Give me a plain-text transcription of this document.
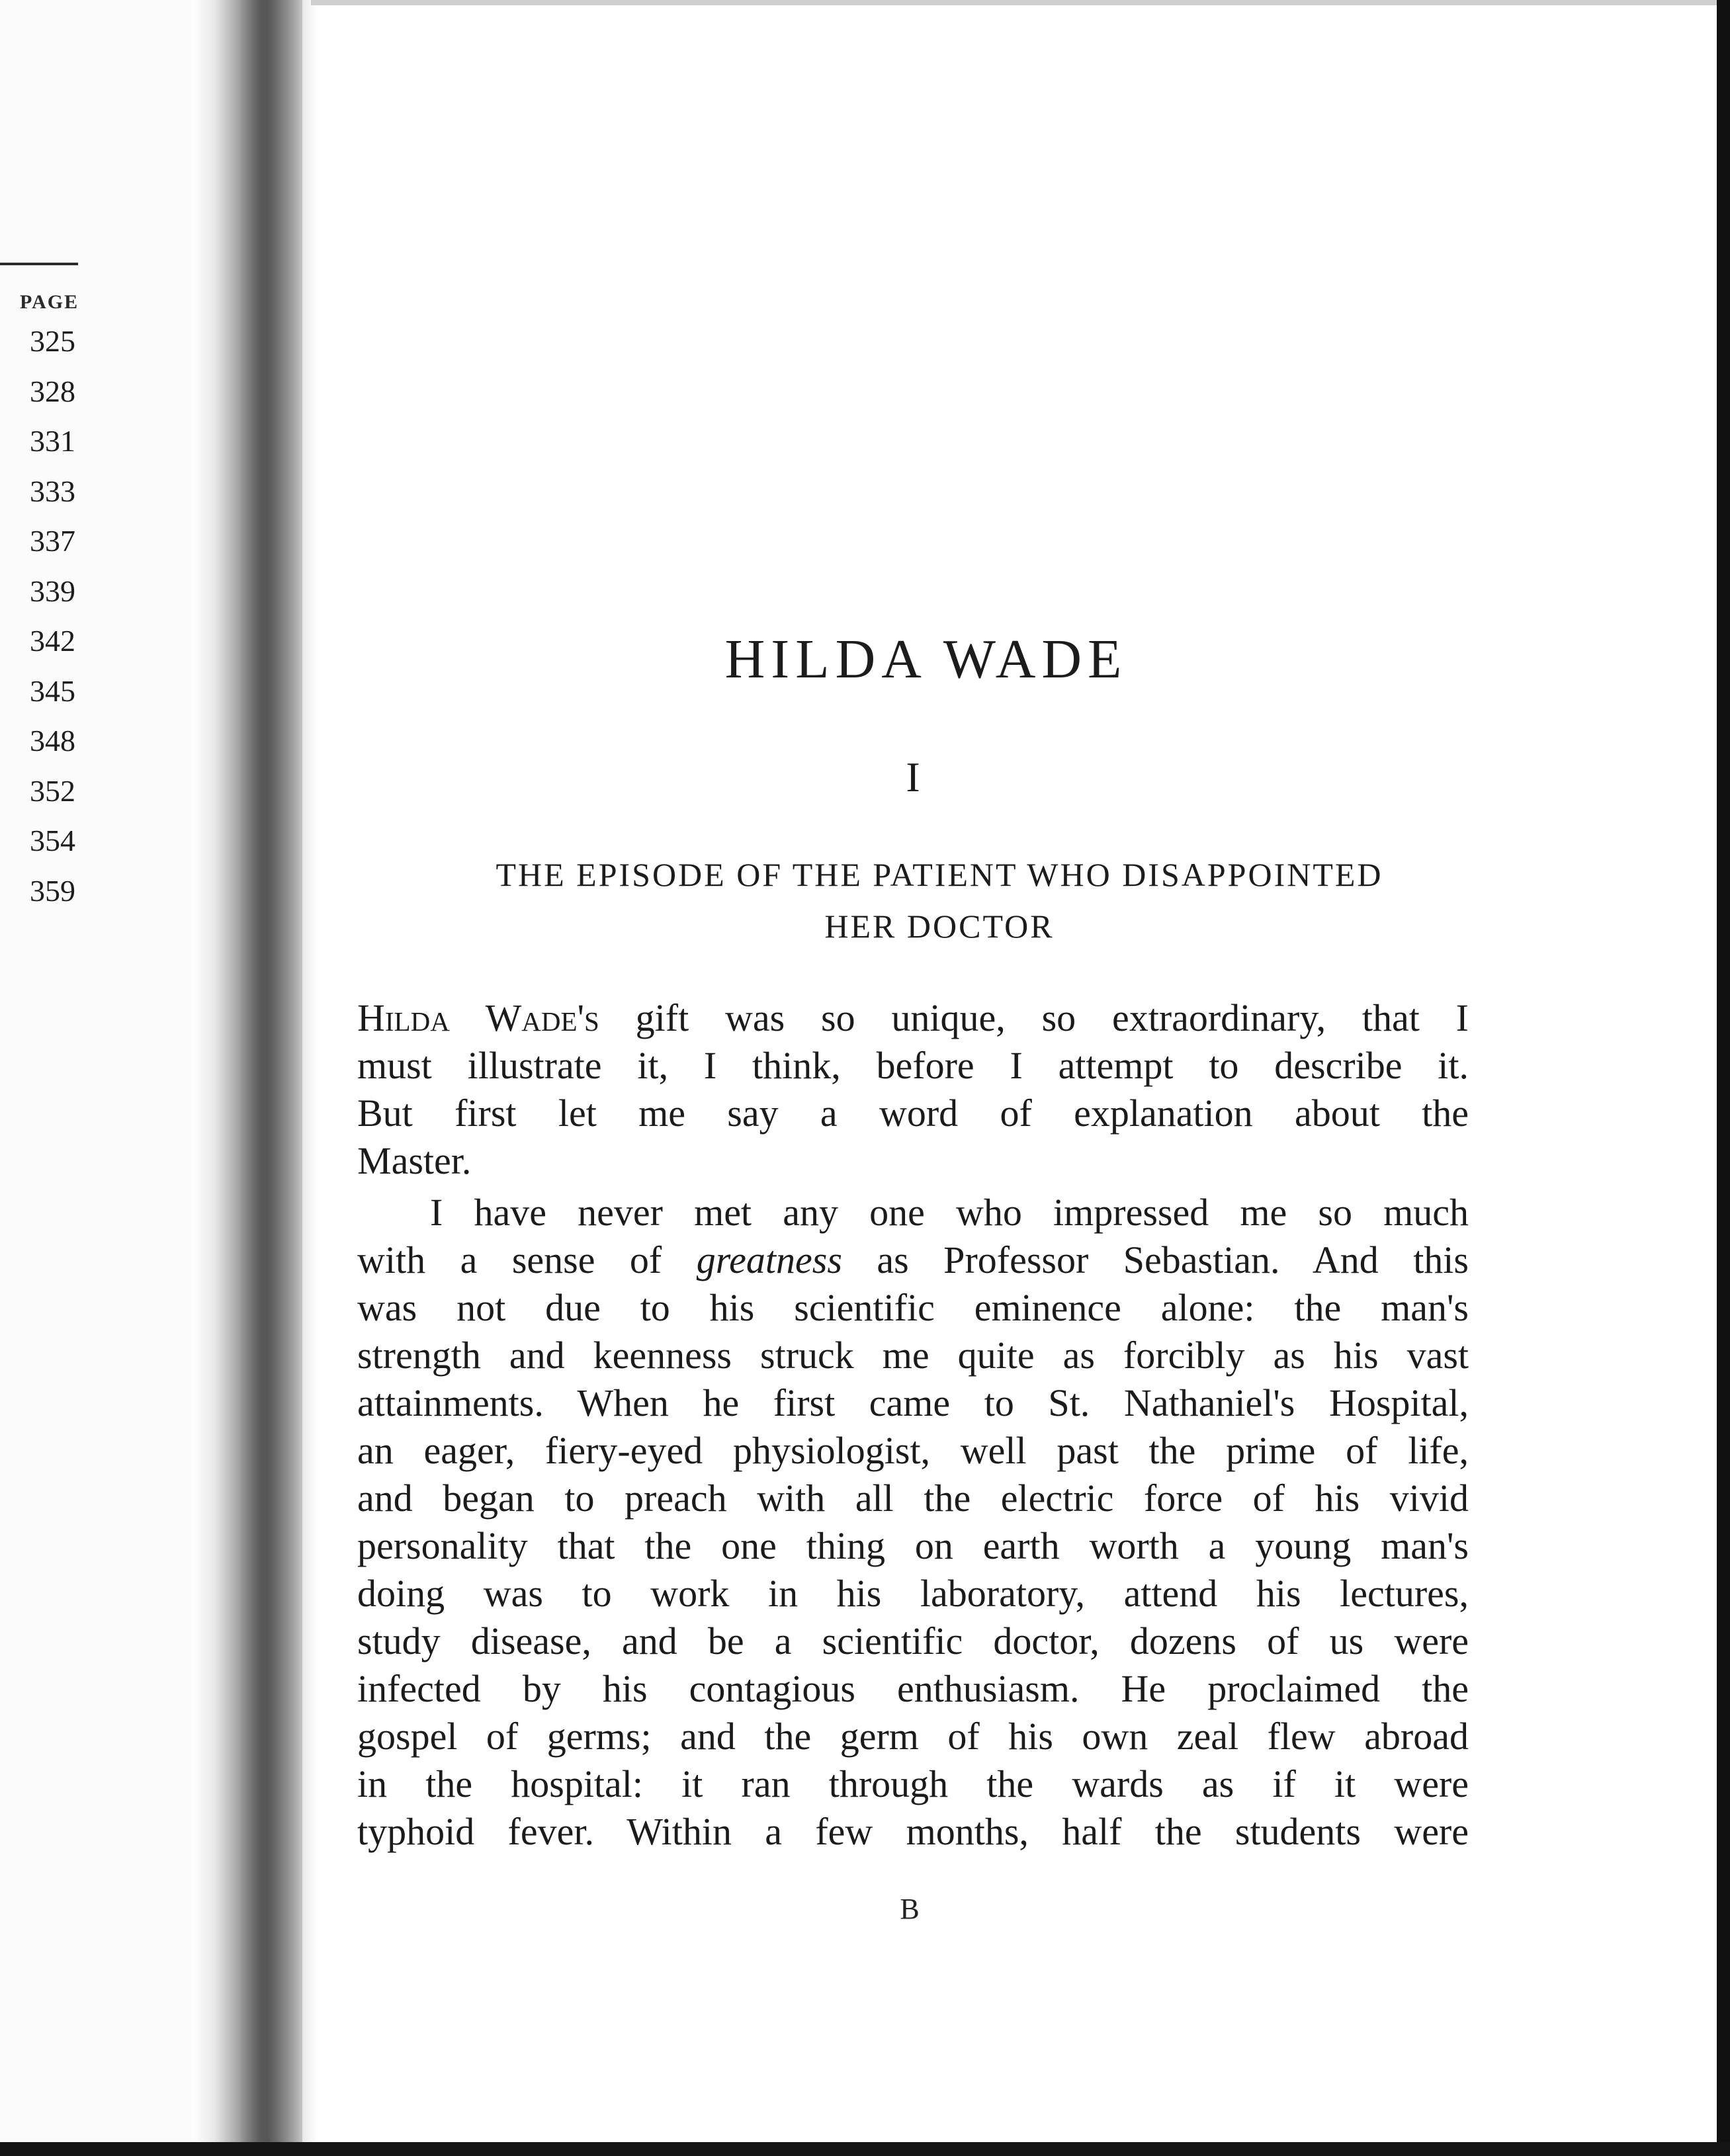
PAGE
325
328
331
333
337
339
342
345
348
352
354
359
HILDA WADE
I
THE EPISODE OF THE PATIENT WHO DISAPPOINTED
HER DOCTOR
Hilda Wade's gift was so unique, so extraordinary, that I
must illustrate it, I think, before I attempt to describe it.
But first let me say a word of explanation about the
Master.
I have never met any one who impressed me so much
with a sense of greatness as Professor Sebastian. And this
was not due to his scientific eminence alone: the man's
strength and keenness struck me quite as forcibly as his vast
attainments. When he first came to St. Nathaniel's Hospital,
an eager, fiery-eyed physiologist, well past the prime of life,
and began to preach with all the electric force of his vivid
personality that the one thing on earth worth a young man's
doing was to work in his laboratory, attend his lectures,
study disease, and be a scientific doctor, dozens of us were
infected by his contagious enthusiasm. He proclaimed the
gospel of germs; and the germ of his own zeal flew abroad
in the hospital: it ran through the wards as if it were
typhoid fever. Within a few months, half the students were
B
